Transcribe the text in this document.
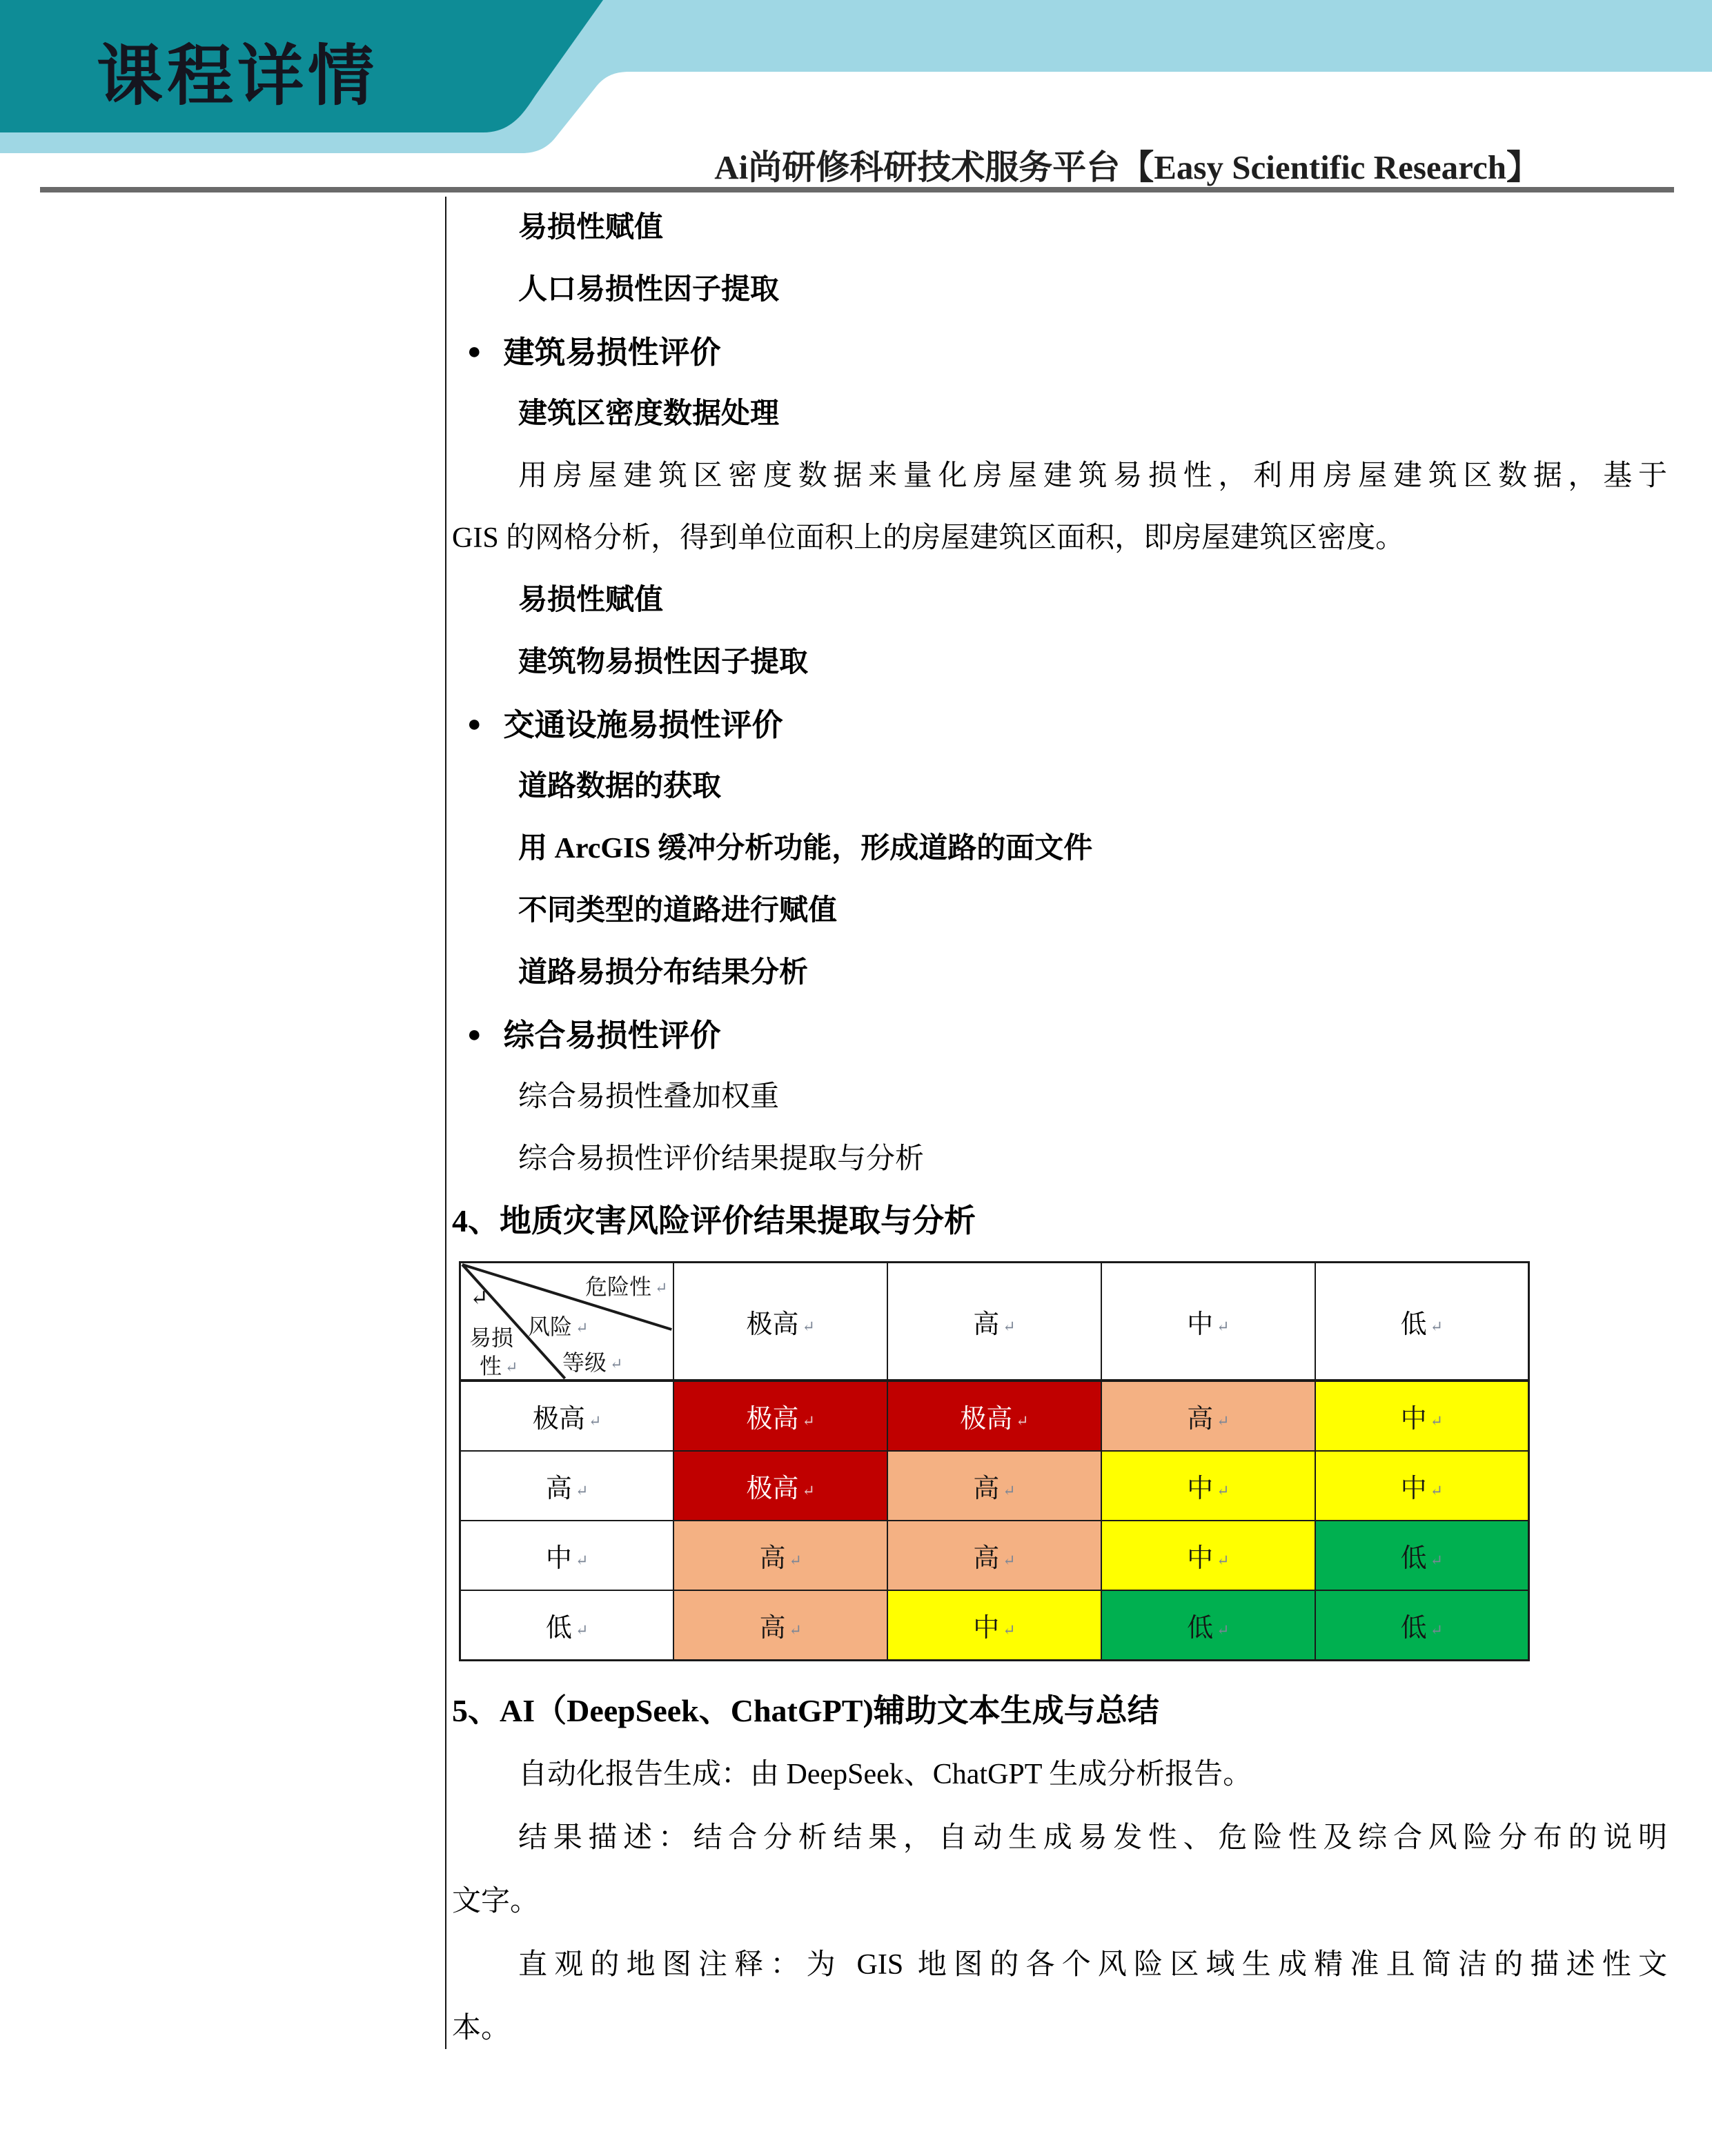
课程详情
Ai尚研修科研技术服务平台【Easy Scientific Research】
易损性赋值
人口易损性因子提取
● 建筑易损性评价
建筑区密度数据处理
用房屋建筑区密度数据来量化房屋建筑易损性，利用房屋建筑区数据，基于
GIS 的网格分析，得到单位面积上的房屋建筑区面积，即房屋建筑区密度。
易损性赋值
建筑物易损性因子提取
● 交通设施易损性评价
道路数据的获取
用 ArcGIS 缓冲分析功能，形成道路的面文件
不同类型的道路进行赋值
道路易损分布结果分析
● 综合易损性评价
综合易损性叠加权重
综合易损性评价结果提取与分析
4、地质灾害风险评价结果提取与分析
↵	危险性 ↵
风险 ↵
等级 ↵
易损
性 ↵
	极高 ↵	高 ↵	中 ↵	低 ↵
极高 ↵	极高 ↵	极高 ↵	高 ↵	中 ↵
高 ↵	极高 ↵	高 ↵	中 ↵	中 ↵
中 ↵	高 ↵	高 ↵	中 ↵	低 ↵
低 ↵	高 ↵	中 ↵	低 ↵	低 ↵
5、AI（DeepSeek、ChatGPT)辅助文本生成与总结
自动化报告生成：由 DeepSeek、ChatGPT 生成分析报告。
结果描述：结合分析结果，自动生成易发性、危险性及综合风险分布的说明
文字。
直观的地图注释：为 GIS 地图的各个风险区域生成精准且简洁的描述性文
本。
